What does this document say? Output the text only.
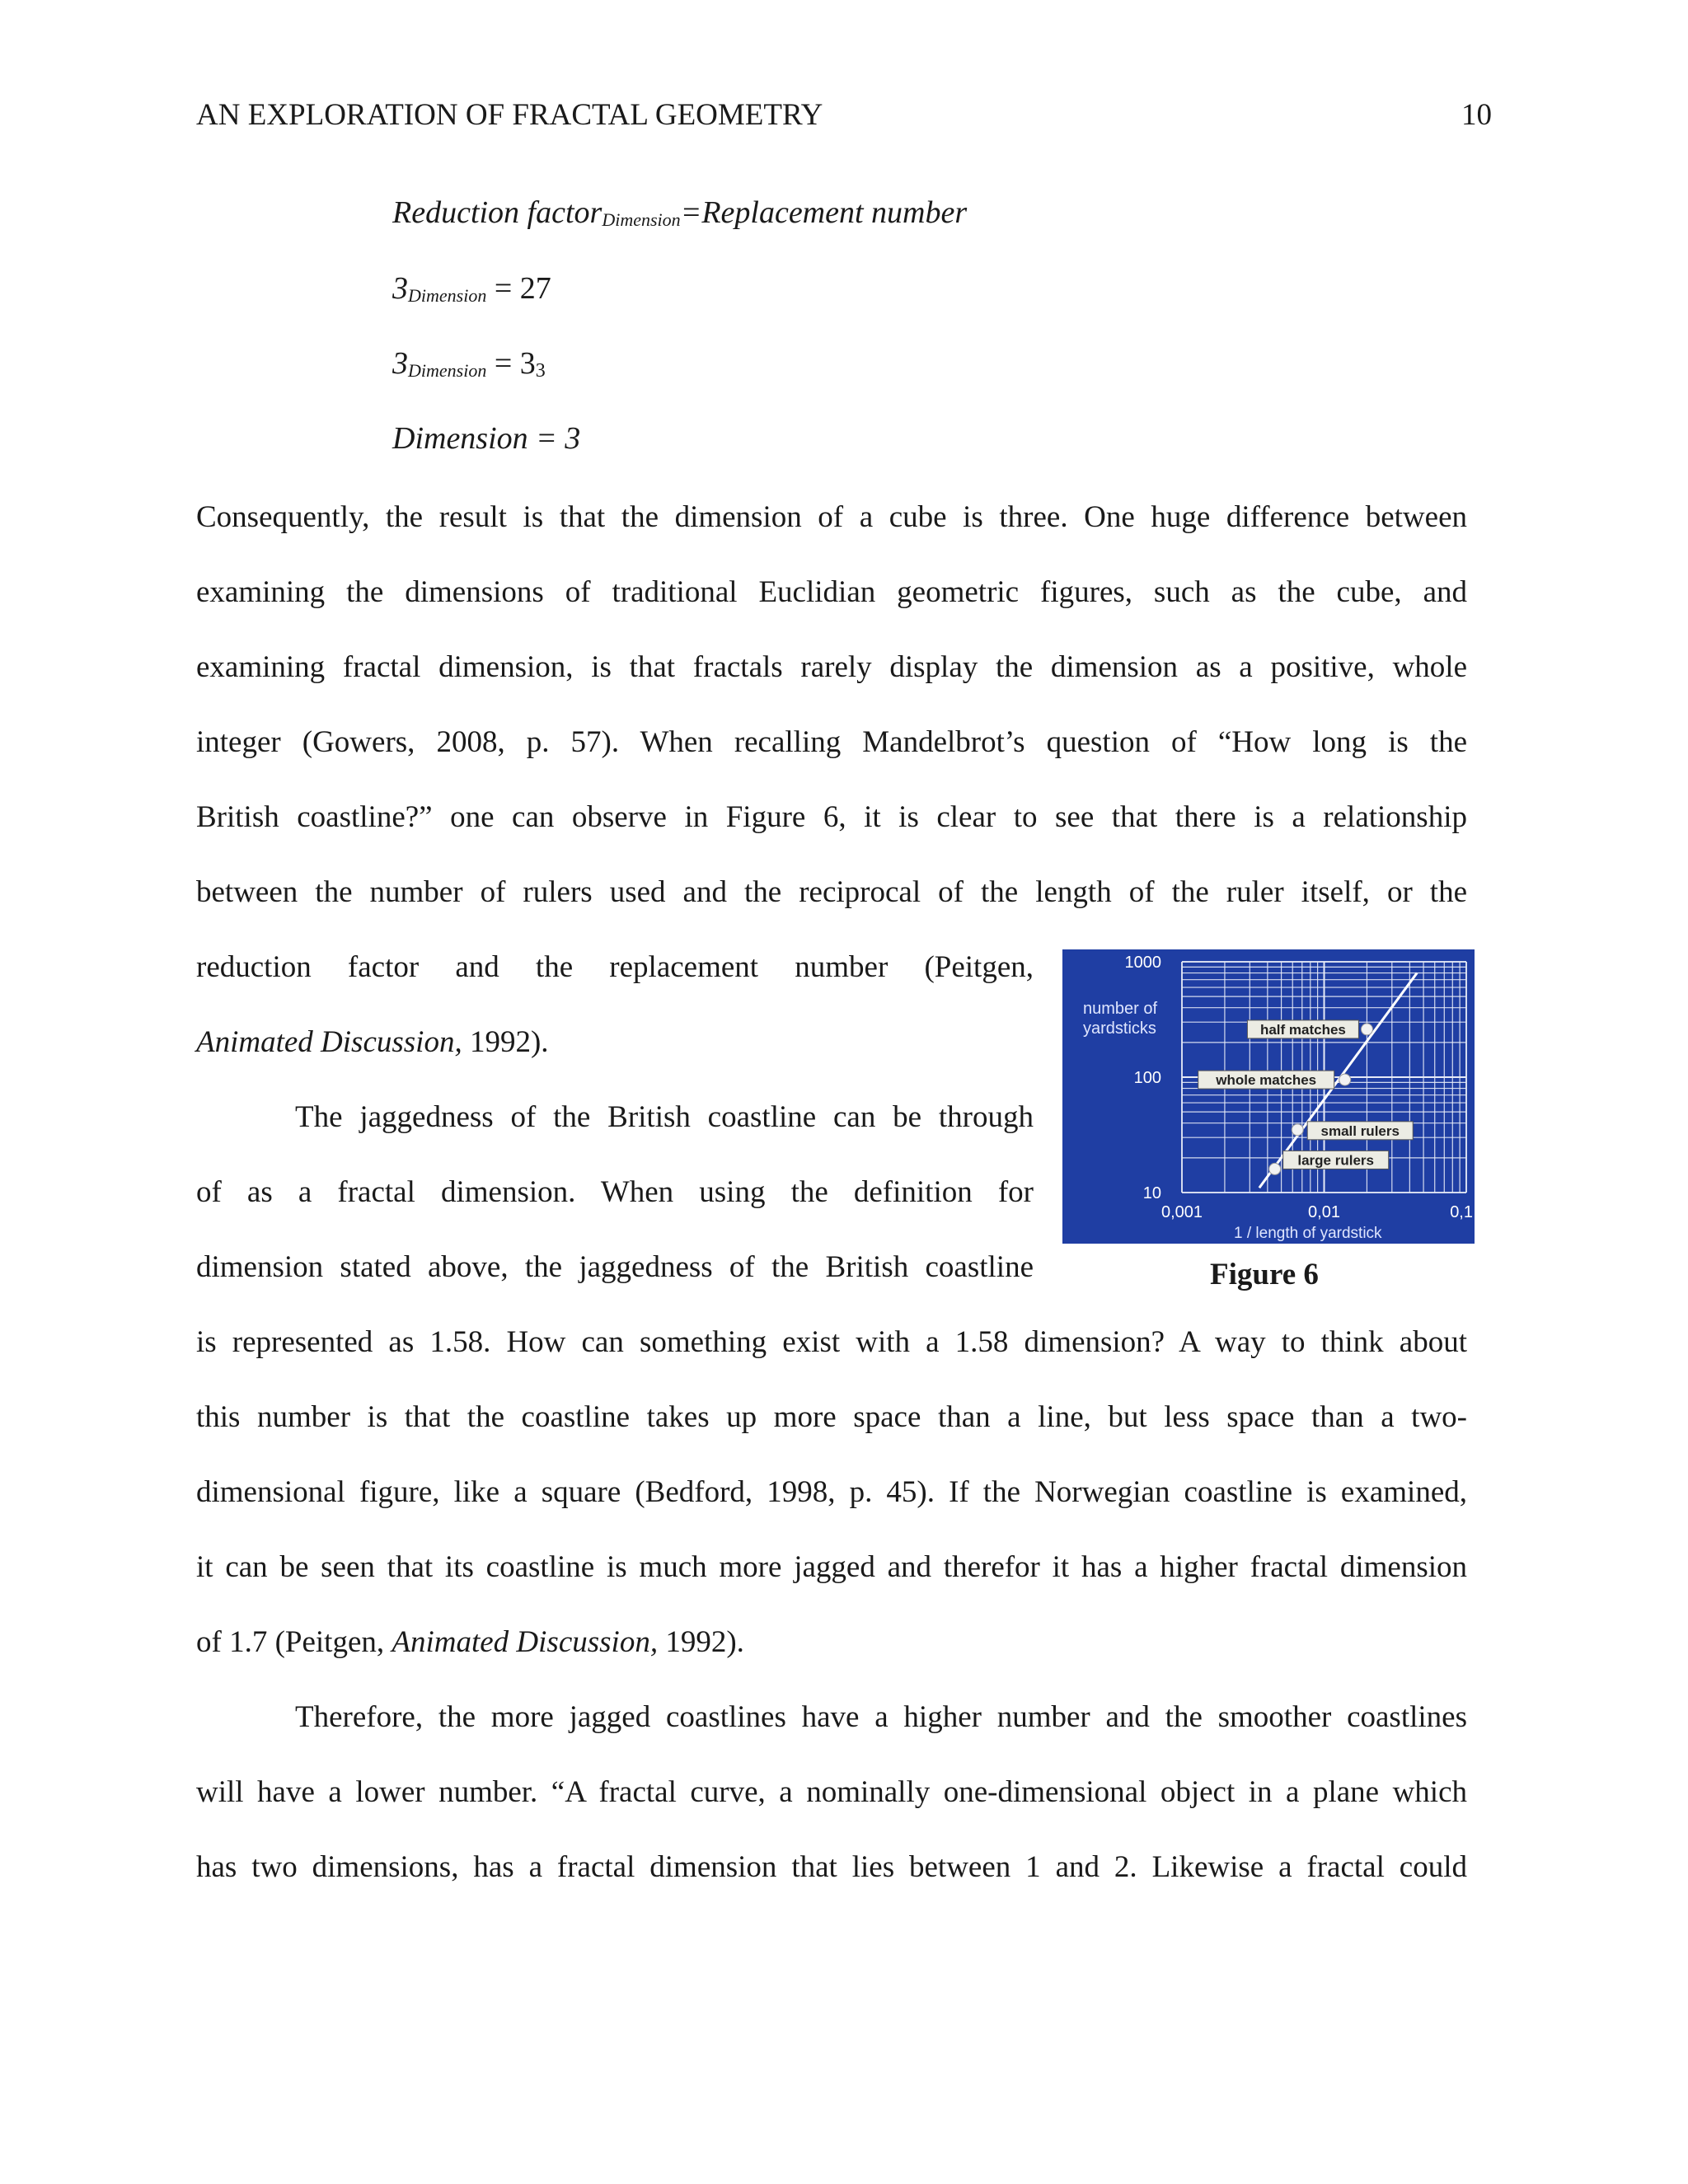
AN EXPLORATION OF FRACTAL GEOMETRY	10
Reduction factorDimension=Replacement number
3Dimension = 27
3Dimension = 33
Dimension = 3
Consequently, the result is that the dimension of a cube is three. One huge difference between
examining the dimensions of traditional Euclidian geometric figures, such as the cube, and
examining fractal dimension, is that fractals rarely display the dimension as a positive, whole
integer (Gowers, 2008, p. 57). When recalling Mandelbrot’s question of “How long is the
British coastline?” one can observe in Figure 6, it is clear to see that there is a relationship
between the number of rulers used and the reciprocal of the length of the ruler itself, or the
reduction factor and the replacement number (Peitgen,
Animated Discussion, 1992).
The jaggedness of the British coastline can be through
of as a fractal dimension. When using the definition for
dimension stated above, the jaggedness of the British coastline
is represented as 1.58. How can something exist with a 1.58 dimension? A way to think about
this number is that the coastline takes up more space than a line, but less space than a two-
dimensional figure, like a square (Bedford, 1998, p. 45). If the Norwegian coastline is examined,
it can be seen that its coastline is much more jagged and therefor it has a higher fractal dimension
of 1.7 (Peitgen, Animated Discussion, 1992).
Therefore, the more jagged coastlines have a higher number and the smoother coastlines
will have a lower number. “A fractal curve, a nominally one-dimensional object in a plane which
has two dimensions, has a fractal dimension that lies between 1 and 2. Likewise a fractal could
1000
100
10
0,001	0,01	0,1
large rulers
small rulers
whole matches
half matches
number of
yardsticks
1 / length of yardstick
Figure 6
